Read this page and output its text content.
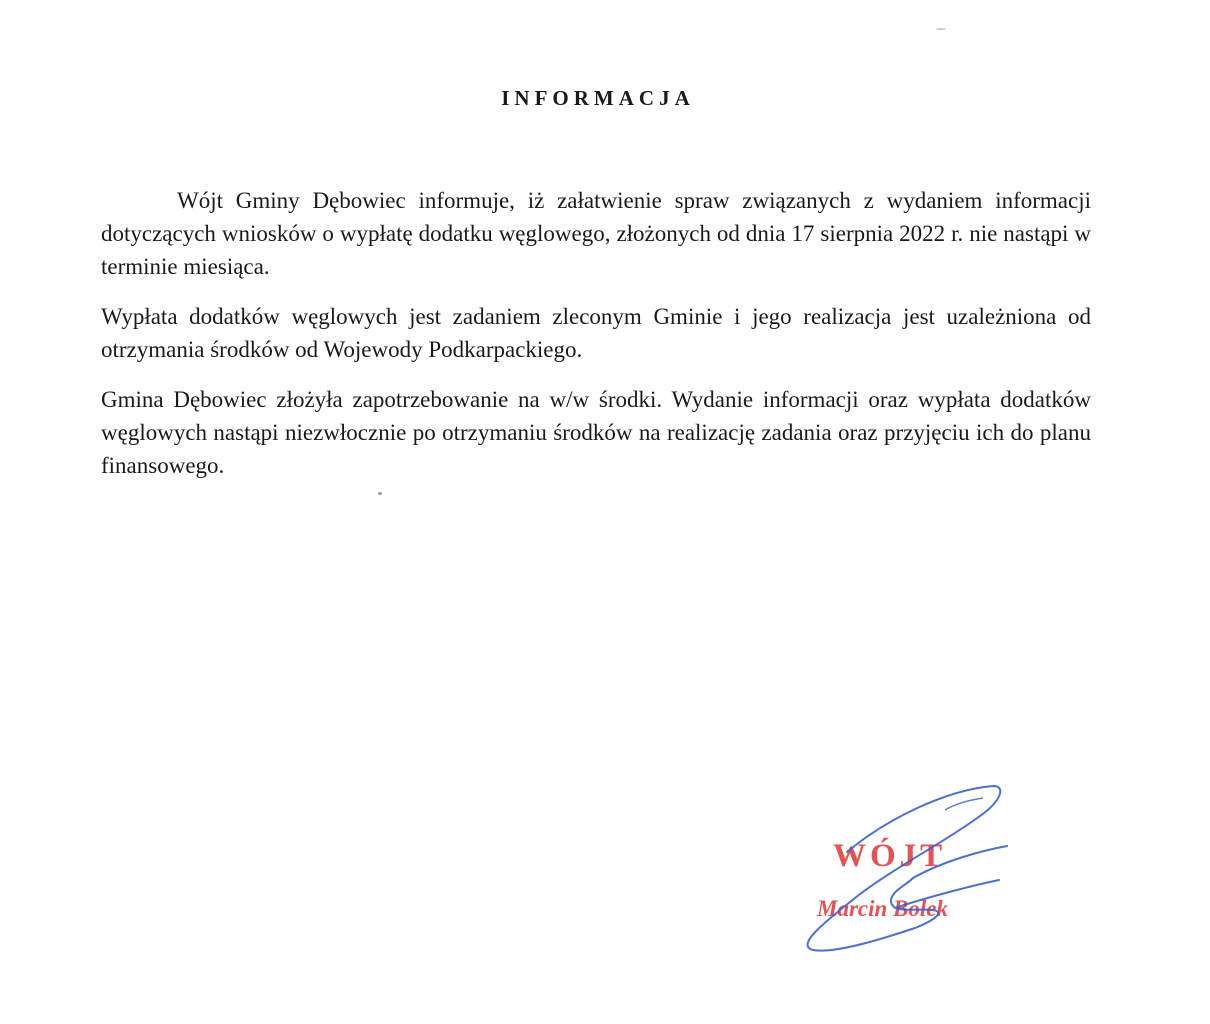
INFORMACJA

Wójt Gminy Dębowiec informuje, iż załatwienie spraw związanych z wydaniem informacji dotyczących wniosków o wypłatę dodatku węglowego, złożonych od dnia 17 sierpnia 2022 r. nie nastąpi w terminie miesiąca.

Wypłata dodatków węglowych jest zadaniem zleconym Gminie i jego realizacja jest uzależniona od otrzymania środków od Wojewody Podkarpackiego.

Gmina Dębowiec złożyła zapotrzebowanie na w/w środki. Wydanie informacji oraz wypłata dodatków węglowych nastąpi niezwłocznie po otrzymaniu środków na realizację zadania oraz przyjęciu ich do planu finansowego.

WÓJT
Marcin Bolek
